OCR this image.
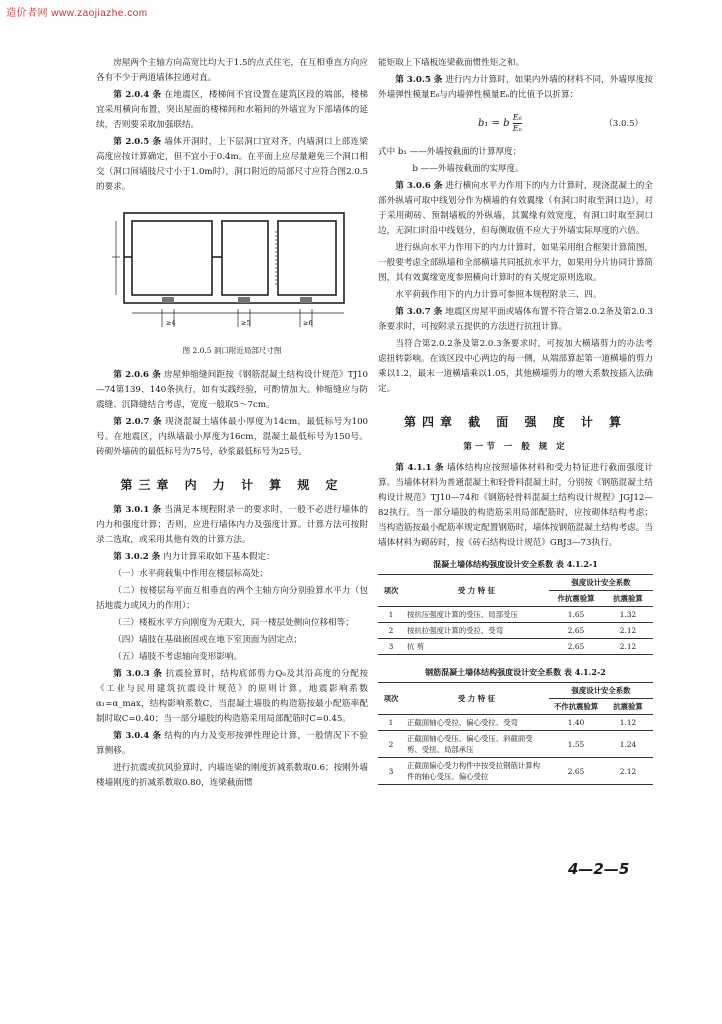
造价者网 www.zaojiazhe.com

房屋两个主轴方向高宽比均大于1.5的点式住宅，在互相垂直方向应各有不少于两道墙体拉通对直。

第 2.0.4 条 在地震区，楼梯间不宜设置在建筑区段的端部，楼梯宜采用横向布置，突出屋面的楼梯间和水箱间的外墙宜为下部墙体的延续，否则要采取加强联结。

第 2.0.5 条 墙体开洞时，上下层洞口宜对齐，内墙洞口上部连梁高度应按计算确定，但不宜小于0.4m。在平面上应尽量避免三个洞口相交（洞口间墙肢尺寸小于1.0m时），洞口附近的局部尺寸应符合图2.0.5的要求。

≥4	≥5	≥6
图 2.0.5 洞口附近局部尺寸图

第 2.0.6 条 房屋伸缩缝间距按《钢筋混凝土结构设计规范》TJ10—74第139、140条执行，如有实践经验，可酌情加大。伸缩缝应与防震缝、沉降缝结合考虑，宽度一般取5～7cm。

第 2.0.7 条 现浇混凝土墙体最小厚度为14cm，最低标号为100号。在地震区，内纵墙最小厚度为16cm，混凝土最低标号为150号。砖砌外墙砖的最低标号为75号，砂浆最低标号为25号。

第三章 内 力 计 算 规 定

第 3.0.1 条 当满足本规程附录一的要求时，一般不必进行墙体的内力和强度计算；否则，应进行墙体内力及强度计算。计算方法可按附录二选取，或采用其他有效的计算方法。

第 3.0.2 条 内力计算采取如下基本假定：

（一）水平荷载集中作用在楼层标高处；

（二）按楼层每平面互相垂直的两个主轴方向分别验算水平力（包括地震力或风力的作用）；

（三）楼板水平方向刚度为无限大，同一楼层处侧向位移相等；

（四）墙肢在基础嵌固或在地下室顶面为固定点；

（五）墙肢不考虑轴向变形影响。

第 3.0.3 条 抗震验算时，结构底部剪力Q₀及其沿高度的分配按《工业与民用建筑抗震设计规范》的原则计算，地震影响系数α₁=α_max，结构影响系数C，当混凝土墙肢的构造筋按最小配筋率配制时取C=0.40；当一部分墙肢的构造筋采用局部配筋时C=0.45。

第 3.0.4 条 结构的内力及变形按弹性理论计算，一般情况下不验算侧移。

进行抗震或抗风验算时，内墙连梁的刚度折减系数取0.6；按刚外墙楼墙刚度的折减系数取0.80，连梁截面惯

能矩取上下墙板连梁截面惯性矩之和。

第 3.0.5 条 进行内力计算时，如果内外墙的材料不同，外墙厚度按外墙弹性模量E₆与内墙弹性模量Eₙ的比值予以折算：

b₁ = b $\frac{\text{E₆}}{\text{Eₙ}}$	（3.0.5）

式中 b₁ ——外墙按截面的计算厚度；

b ——外墙按截面的实厚度。

第 3.0.6 条 进行横向水平力作用下的内力计算时，现浇混凝土的全部外纵墙可取中线划分作为横墙的有效翼缘（有洞口时取至洞口边），对于采用砌砖、预制墙板的外纵墙，其翼缘有效宽度，有洞口时取至洞口边，无洞口时沿中线划分，但每侧取值不应大于外墙实际厚度的六倍。

进行纵向水平力作用下的内力计算时，如果采用组合框架计算简图，一般要考虑全部纵墙和全部横墙共同抵抗水平力，如果用分片协同计算简图，其有效翼缘宽度参照横向计算时的有关规定原则选取。

水平荷载作用下的内力计算可参照本规程附录三、四。

第 3.0.7 条 地震区房屋平面或墙体布置不符合第2.0.2条及第2.0.3条要求时，可按附录五提供的方法进行抗扭计算。

当符合第2.0.2条及第2.0.3条要求时，可按加大横墙剪力的办法考虑扭转影响。在该区段中心两边的每一侧，从端部算起第一道横墙的剪力乘以1.2，最末一道横墙乘以1.05，其他横墙剪力的增大系数按插入法确定。

第四章 截 面 强 度 计 算
第一节 一 般 规 定

第 4.1.1 条 墙体结构应按照墙体材料和受力特征进行截面强度计算。当墙体材料为普通混凝土和轻骨料混凝土时，分别按《钢筋混凝土结构设计规范》TJ10—74和《钢筋轻骨料混凝土结构设计规程》JGJ12—82执行。当一部分墙肢的构造筋采用局部配筋时，应按砌体结构考虑；当构造筋按最小配筋率规定配置钢筋时，墙体按钢筋混凝土结构考虑。当墙体材料为砌砖时，按《砖石结构设计规范》GBJ3—73执行。

混凝土墙体结构强度设计安全系数 表 4.1.2-1
项次	受 力 特 征	强度设计安全系数	
		作抗震验算	抗震验算
1	按抗压强度计算的受压、局部受压	1.65	1.32
2	按抗拉强度计算的受拉、受弯	2.65	2.12
3	抗 剪	2.65	2.12
钢筋混凝土墙体结构强度设计安全系数 表 4.1.2-2
项次	受 力 特 征	强度设计安全系数	
		不作抗震验算	抗震验算
1	正截面轴心受拉、偏心受拉、受弯	1.40	1.12
2	正截面轴心受压、偏心受压、斜截面受剪、受扭、局部承压	1.55	1.24
3	正截面偏心受力构件中按受拉钢筋计算构件的轴心受压、偏心受拉	2.65	2.12
4—2—5
